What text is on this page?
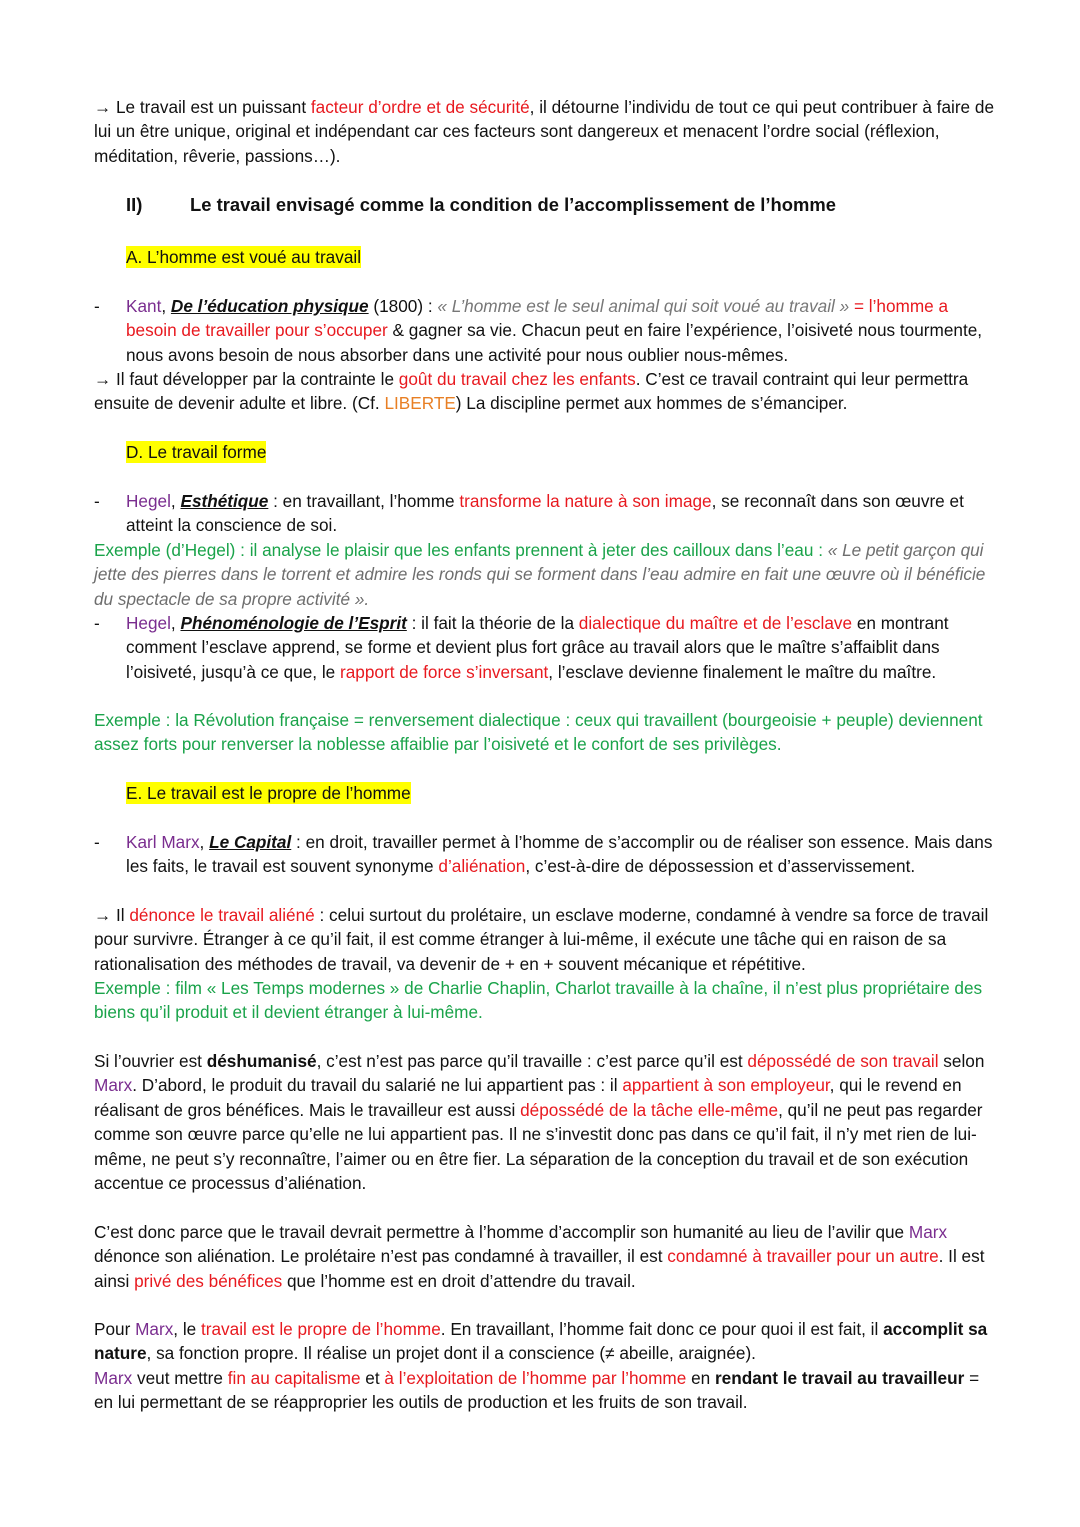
→ Le travail est un puissant facteur d’ordre et de sécurité, il détourne l’individu de tout ce qui peut contribuer à faire de lui un être unique, original et indépendant car ces facteurs sont dangereux et menacent l’ordre social (réflexion, méditation, rêverie, passions…).

II)	Le travail envisagé comme la condition de l’accomplissement de l’homme
A. L’homme est voué au travail
- Kant, De l’éducation physique (1800) : « L’homme est le seul animal qui soit voué au travail » = l’homme a besoin de travailler pour s’occuper & gagner sa vie. Chacun peut en faire l’expérience, l’oisiveté nous tourmente, nous avons besoin de nous absorber dans une activité pour nous oublier nous-mêmes.

→ Il faut développer par la contrainte le goût du travail chez les enfants. C’est ce travail contraint qui leur permettra ensuite de devenir adulte et libre. (Cf. LIBERTE) La discipline permet aux hommes de s’émanciper.

D. Le travail forme
- Hegel, Esthétique : en travaillant, l’homme transforme la nature à son image, se reconnaît dans son œuvre et atteint la conscience de soi.

Exemple (d’Hegel) : il analyse le plaisir que les enfants prennent à jeter des cailloux dans l’eau : « Le petit garçon qui jette des pierres dans le torrent et admire les ronds qui se forment dans l’eau admire en fait une œuvre où il bénéficie du spectacle de sa propre activité ».

- Hegel, Phénoménologie de l’Esprit : il fait la théorie de la dialectique du maître et de l’esclave en montrant comment l’esclave apprend, se forme et devient plus fort grâce au travail alors que le maître s’affaiblit dans l’oisiveté, jusqu’à ce que, le rapport de force s’inversant, l’esclave devienne finalement le maître du maître.

Exemple : la Révolution française = renversement dialectique : ceux qui travaillent (bourgeoisie + peuple) deviennent assez forts pour renverser la noblesse affaiblie par l’oisiveté et le confort de ses privilèges.

E. Le travail est le propre de l’homme
- Karl Marx, Le Capital : en droit, travailler permet à l’homme de s’accomplir ou de réaliser son essence. Mais dans les faits, le travail est souvent synonyme d’aliénation, c’est-à-dire de dépossession et d’asservissement.

→ Il dénonce le travail aliéné : celui surtout du prolétaire, un esclave moderne, condamné à vendre sa force de travail pour survivre. Étranger à ce qu’il fait, il est comme étranger à lui-même, il exécute une tâche qui en raison de sa rationalisation des méthodes de travail, va devenir de + en + souvent mécanique et répétitive.

Exemple : film « Les Temps modernes » de Charlie Chaplin, Charlot travaille à la chaîne, il n’est plus propriétaire des biens qu’il produit et il devient étranger à lui-même.

Si l’ouvrier est déshumanisé, c’est n’est pas parce qu’il travaille : c’est parce qu’il est dépossédé de son travail selon Marx. D’abord, le produit du travail du salarié ne lui appartient pas : il appartient à son employeur, qui le revend en réalisant de gros bénéfices. Mais le travailleur est aussi dépossédé de la tâche elle-même, qu’il ne peut pas regarder comme son œuvre parce qu’elle ne lui appartient pas. Il ne s’investit donc pas dans ce qu’il fait, il n’y met rien de lui-même, ne peut s’y reconnaître, l’aimer ou en être fier. La séparation de la conception du travail et de son exécution accentue ce processus d’aliénation.

C’est donc parce que le travail devrait permettre à l’homme d’accomplir son humanité au lieu de l’avilir que Marx dénonce son aliénation. Le prolétaire n’est pas condamné à travailler, il est condamné à travailler pour un autre. Il est ainsi privé des bénéfices que l’homme est en droit d’attendre du travail.

Pour Marx, le travail est le propre de l’homme. En travaillant, l’homme fait donc ce pour quoi il est fait, il accomplit sa nature, sa fonction propre. Il réalise un projet dont il a conscience (≠ abeille, araignée).
Marx veut mettre fin au capitalisme et à l’exploitation de l’homme par l’homme en rendant le travail au travailleur = en lui permettant de se réapproprier les outils de production et les fruits de son travail.
